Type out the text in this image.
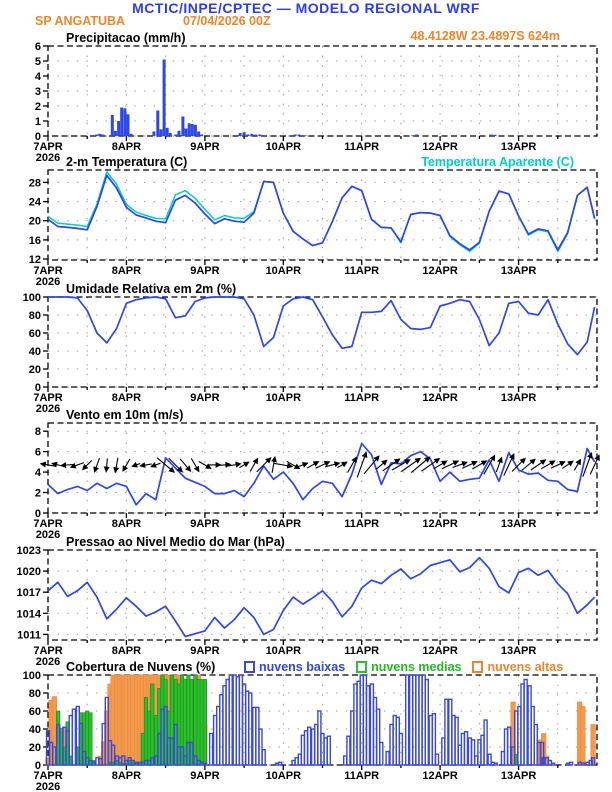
0
1
2
3
4
5
6
7APR	8APR	9APR	10APR	11APR	12APR	13APR
2026
12
16
20
24
28
7APR	8APR	9APR	10APR	11APR	12APR	13APR
2026
0
20
40
60
80
100
7APR	8APR	9APR	10APR	11APR	12APR	13APR
2026
0
2
4
6
8
7APR	8APR	9APR	10APR	11APR	12APR	13APR
2026
1011
1014
1017
1020
1023
7APR	8APR	9APR	10APR	11APR	12APR	13APR
2026
0
20
40
60
80
100
7APR	8APR	9APR	10APR	11APR	12APR	13APR
2026
MCTIC/INPE/CPTEC — MODELO REGIONAL WRF
SP ANGATUBA	07/04/2026 00Z
48.4128W 23.4897S 624m
Precipitacao (mm/h)
2-m Temperatura (C)	Temperatura Aparente (C)
Umidade Relativa em 2m (%)
Vento em 10m (m/s)
Pressao ao Nivel Medio do Mar (hPa)
Cobertura de Nuvens (%)	nuvens baixas nuvens medias nuvens altas
